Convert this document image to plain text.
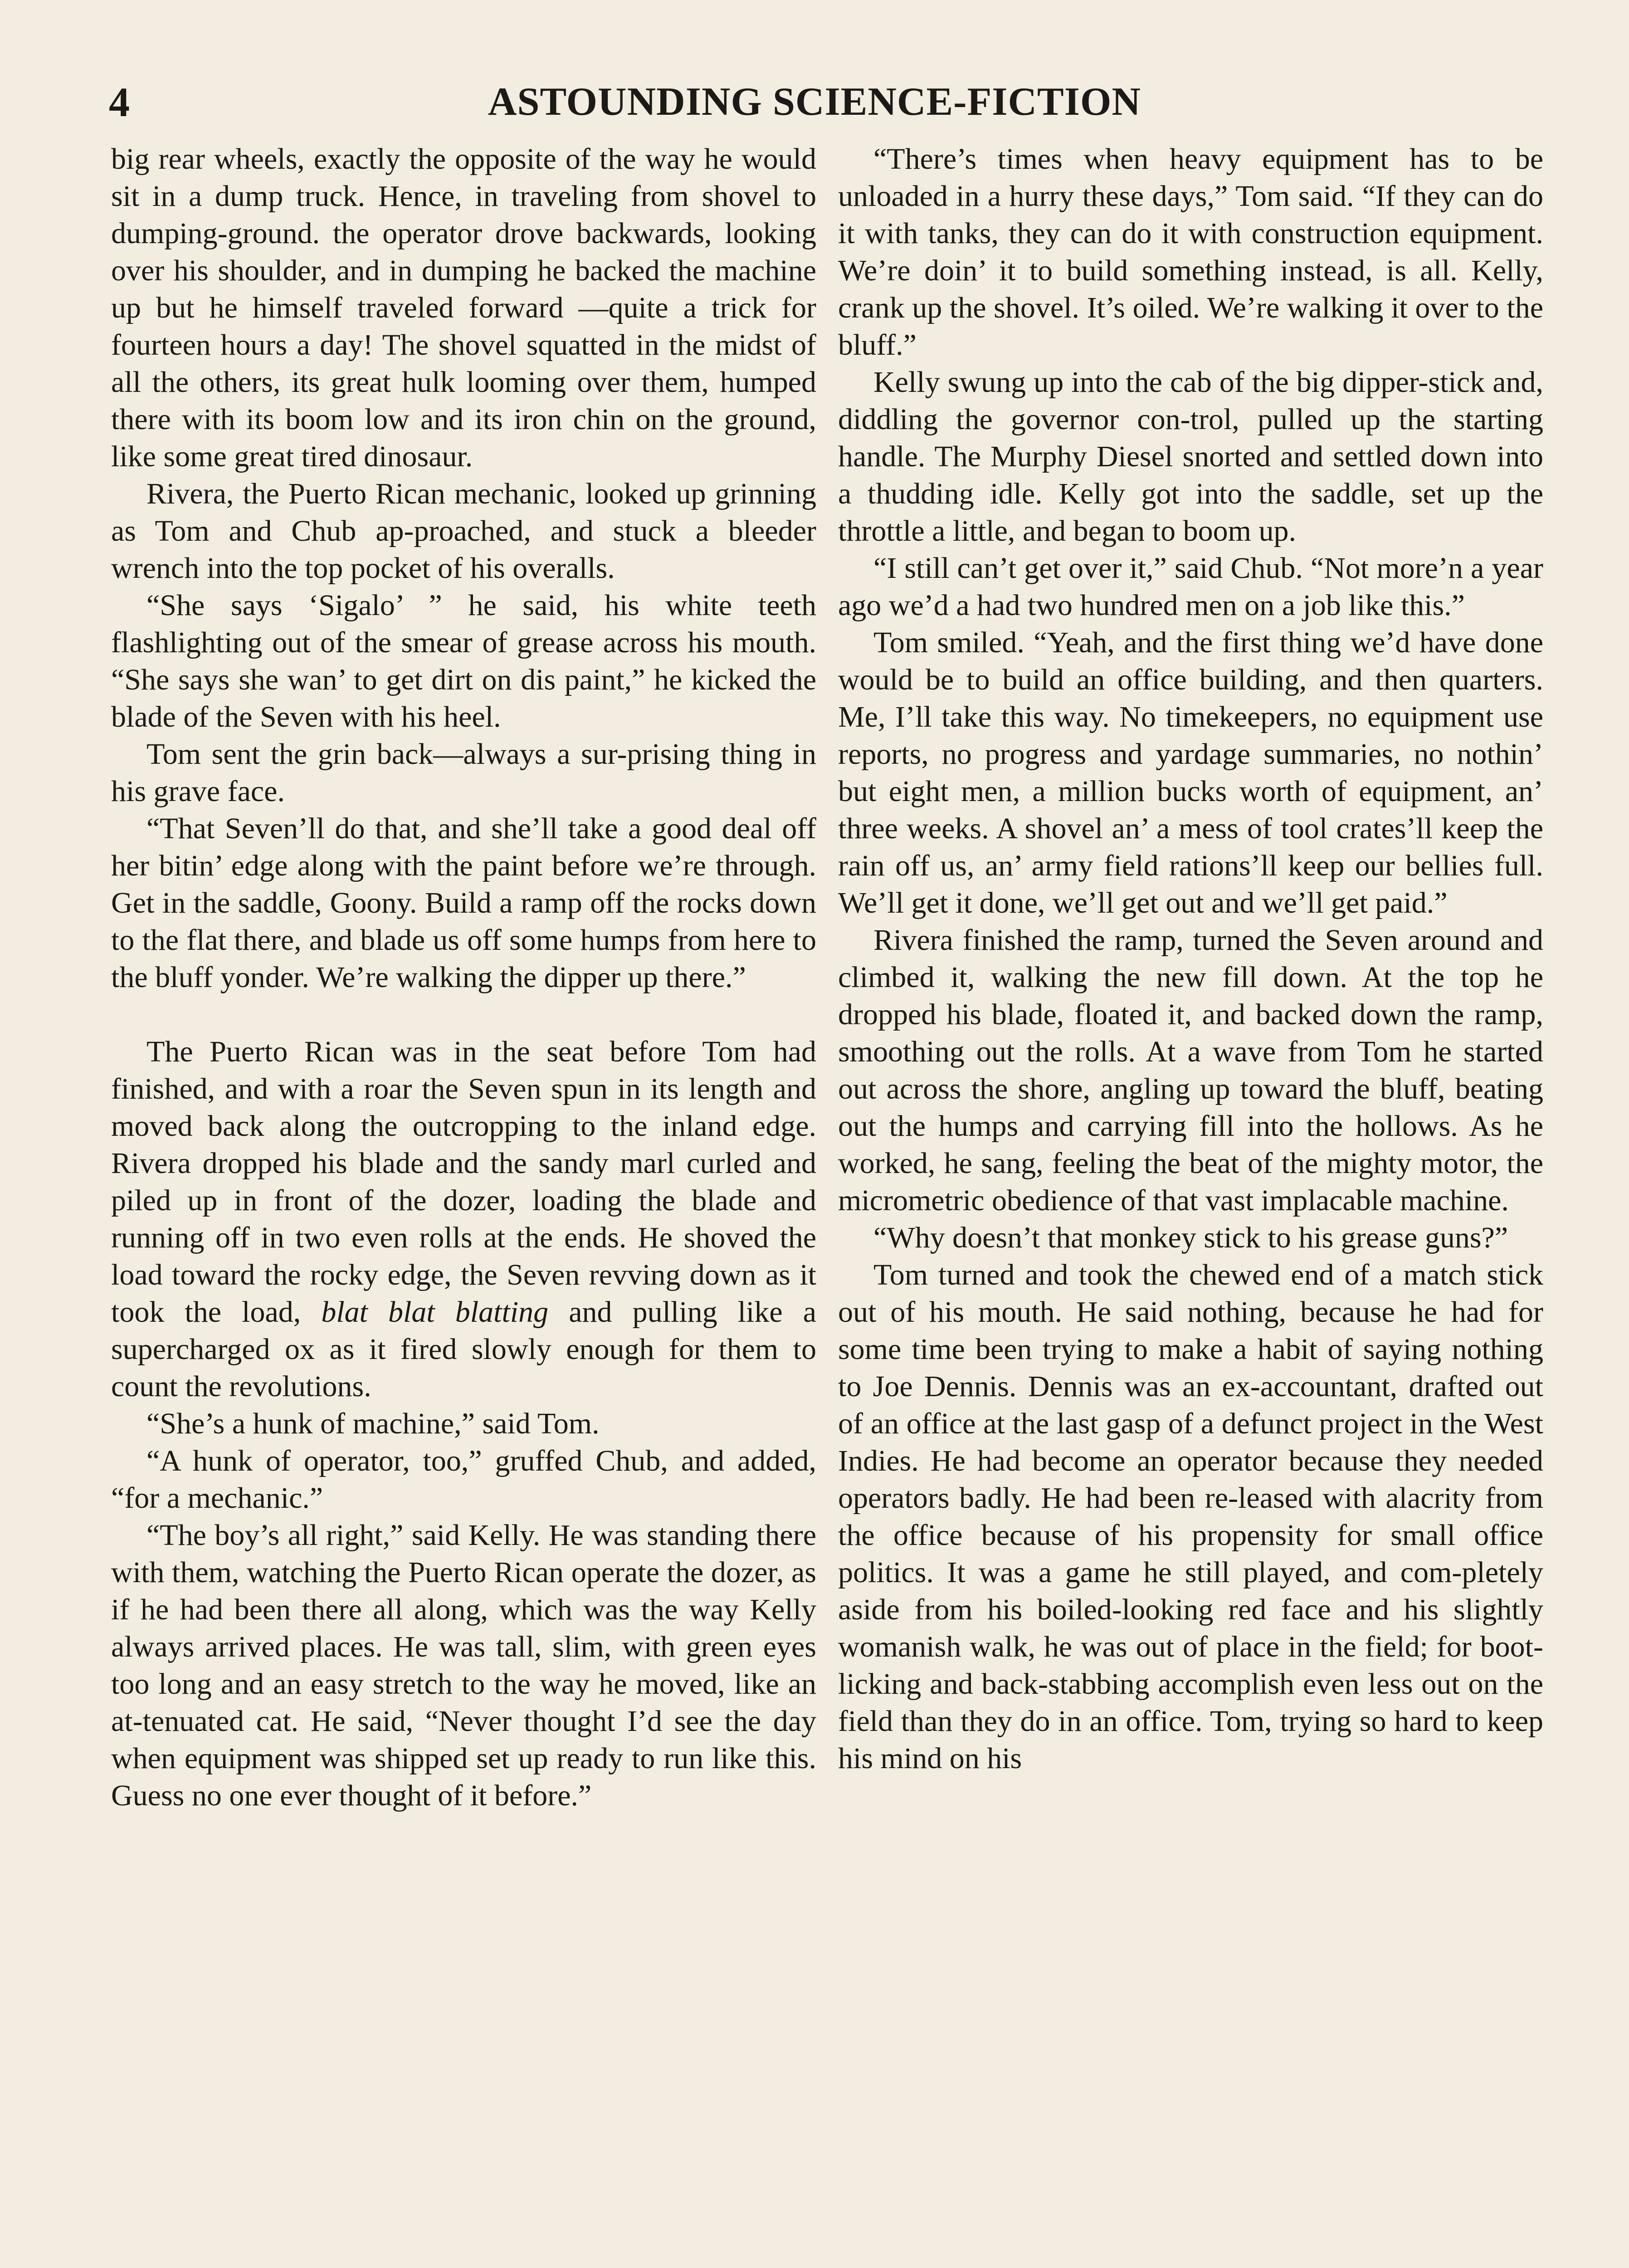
4	ASTOUNDING SCIENCE-FICTION

big rear wheels, exactly the opposite of the way he would sit in a dump truck. Hence, in traveling from shovel to dumping-ground. the operator drove backwards, looking over his shoulder, and in dumping he backed the machine up but he himself traveled forward —quite a trick for fourteen hours a day! The shovel squatted in the midst of all the others, its great hulk looming over them, humped there with its boom low and its iron chin on the ground, like some great tired dinosaur.

Rivera, the Puerto Rican mechanic, looked up grinning as Tom and Chub ap-proached, and stuck a bleeder wrench into the top pocket of his overalls.

“She says ‘Sigalo’ ” he said, his white teeth flashlighting out of the smear of grease across his mouth. “She says she wan’ to get dirt on dis paint,” he kicked the blade of the Seven with his heel.

Tom sent the grin back—always a sur-prising thing in his grave face.

“That Seven’ll do that, and she’ll take a good deal off her bitin’ edge along with the paint before we’re through. Get in the saddle, Goony. Build a ramp off the rocks down to the flat there, and blade us off some humps from here to the bluff yonder. We’re walking the dipper up there.”

The Puerto Rican was in the seat before Tom had finished, and with a roar the Seven spun in its length and moved back along the outcropping to the inland edge. Rivera dropped his blade and the sandy marl curled and piled up in front of the dozer, loading the blade and running off in two even rolls at the ends. He shoved the load toward the rocky edge, the Seven revving down as it took the load, blat blat blatting and pulling like a supercharged ox as it fired slowly enough for them to count the revolutions.

“She’s a hunk of machine,” said Tom.

“A hunk of operator, too,” gruffed Chub, and added, “for a mechanic.”

“The boy’s all right,” said Kelly. He was standing there with them, watching the Puerto Rican operate the dozer, as if he had been there all along, which was the way Kelly always arrived places. He was tall, slim, with green eyes too long and an easy stretch to the way he moved, like an at-tenuated cat. He said, “Never thought I’d see the day when equipment was shipped set up ready to run like this. Guess no one ever thought of it before.”

“There’s times when heavy equipment has to be unloaded in a hurry these days,” Tom said. “If they can do it with tanks, they can do it with construction equipment. We’re doin’ it to build something instead, is all. Kelly, crank up the shovel. It’s oiled. We’re walking it over to the bluff.”

Kelly swung up into the cab of the big dipper-stick and, diddling the governor con-trol, pulled up the starting handle. The Murphy Diesel snorted and settled down into a thudding idle. Kelly got into the saddle, set up the throttle a little, and began to boom up.

“I still can’t get over it,” said Chub. “Not more’n a year ago we’d a had two hundred men on a job like this.”

Tom smiled. “Yeah, and the first thing we’d have done would be to build an office building, and then quarters. Me, I’ll take this way. No timekeepers, no equipment use reports, no progress and yardage summaries, no nothin’ but eight men, a million bucks worth of equipment, an’ three weeks. A shovel an’ a mess of tool crates’ll keep the rain off us, an’ army field rations’ll keep our bellies full. We’ll get it done, we’ll get out and we’ll get paid.”

Rivera finished the ramp, turned the Seven around and climbed it, walking the new fill down. At the top he dropped his blade, floated it, and backed down the ramp, smoothing out the rolls. At a wave from Tom he started out across the shore, angling up toward the bluff, beating out the humps and carrying fill into the hollows. As he worked, he sang, feeling the beat of the mighty motor, the micrometric obedience of that vast implacable machine.

“Why doesn’t that monkey stick to his grease guns?”

Tom turned and took the chewed end of a match stick out of his mouth. He said nothing, because he had for some time been trying to make a habit of saying nothing to Joe Dennis. Dennis was an ex-accountant, drafted out of an office at the last gasp of a defunct project in the West Indies. He had become an operator because they needed operators badly. He had been re-leased with alacrity from the office because of his propensity for small office politics. It was a game he still played, and com-pletely aside from his boiled-looking red face and his slightly womanish walk, he was out of place in the field; for boot-licking and back-stabbing accomplish even less out on the field than they do in an office. Tom, trying so hard to keep his mind on his
